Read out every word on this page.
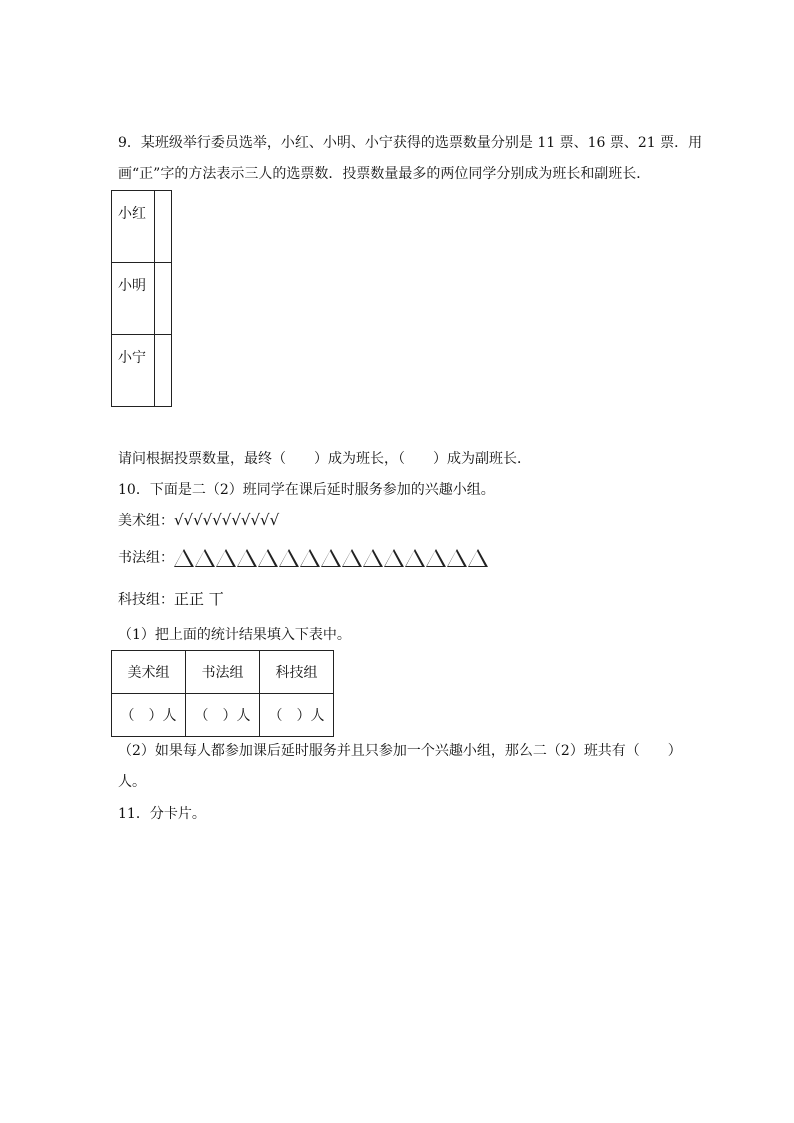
9．某班级举行委员选举，小红、小明、小宁获得的选票数量分别是 11 票、16 票、21 票．用
画“正”字的方法表示三人的选票数．投票数量最多的两位同学分别成为班长和副班长．
小红	
小明	
小宁	
请问根据投票数量，最终（　　）成为班长，（　　）成为副班长．
10．下面是二（2）班同学在课后延时服务参加的兴趣小组。
美术组：√√√√√√√√√√√
书法组：
科技组：正正 丅
（1）把上面的统计结果填入下表中。
美术组	书法组	科技组
（　）人	（　）人	（　）人
（2）如果每人都参加课后延时服务并且只参加一个兴趣小组，那么二（2）班共有（　　）
人。
11．分卡片。
